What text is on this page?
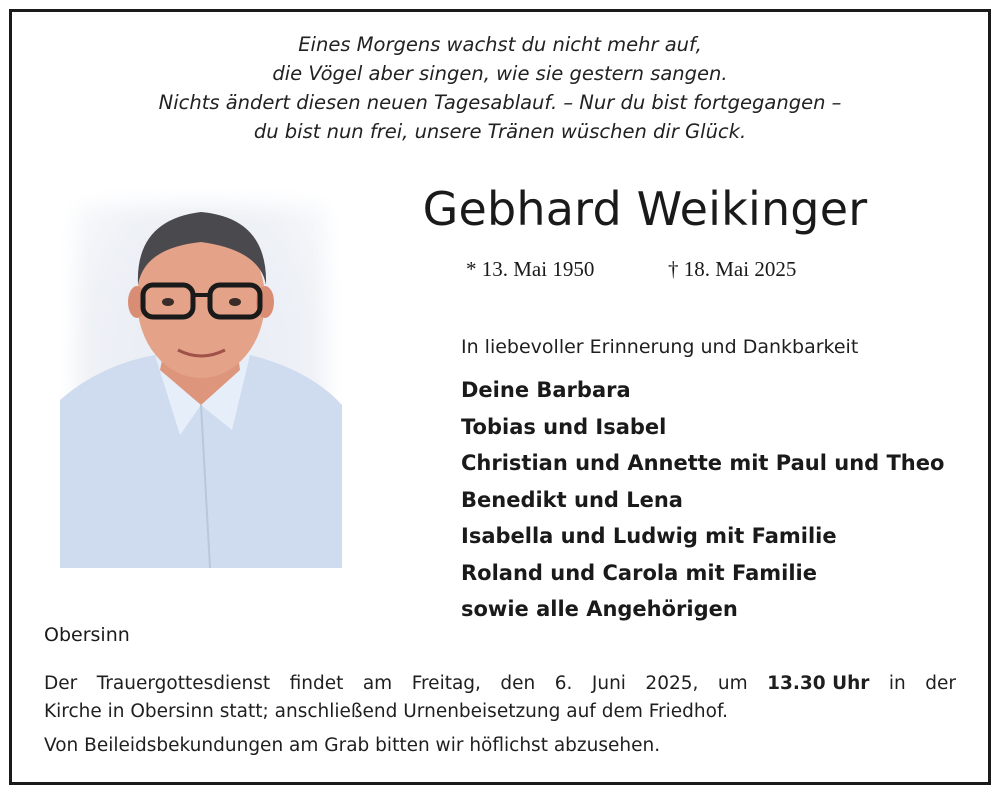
Eines Morgens wachst du nicht mehr auf,
die Vögel aber singen, wie sie gestern sangen.
Nichts ändert diesen neuen Tagesablauf. – Nur du bist fortgegangen –
du bist nun frei, unsere Tränen wüschen dir Glück.
Gebhard Weikinger
* 13. Mai 1950	† 18. Mai 2025
In liebevoller Erinnerung und Dankbarkeit
Deine Barbara
Tobias und Isabel
Christian und Annette mit Paul und Theo
Benedikt und Lena
Isabella und Ludwig mit Familie
Roland und Carola mit Familie
sowie alle Angehörigen
Obersinn
Der Trauergottesdienst findet am Freitag, den 6. Juni 2025, um 13.30 Uhr in der
Kirche in Obersinn statt; anschließend Urnenbeisetzung auf dem Friedhof.
Von Beileidsbekundungen am Grab bitten wir höflichst abzusehen.
